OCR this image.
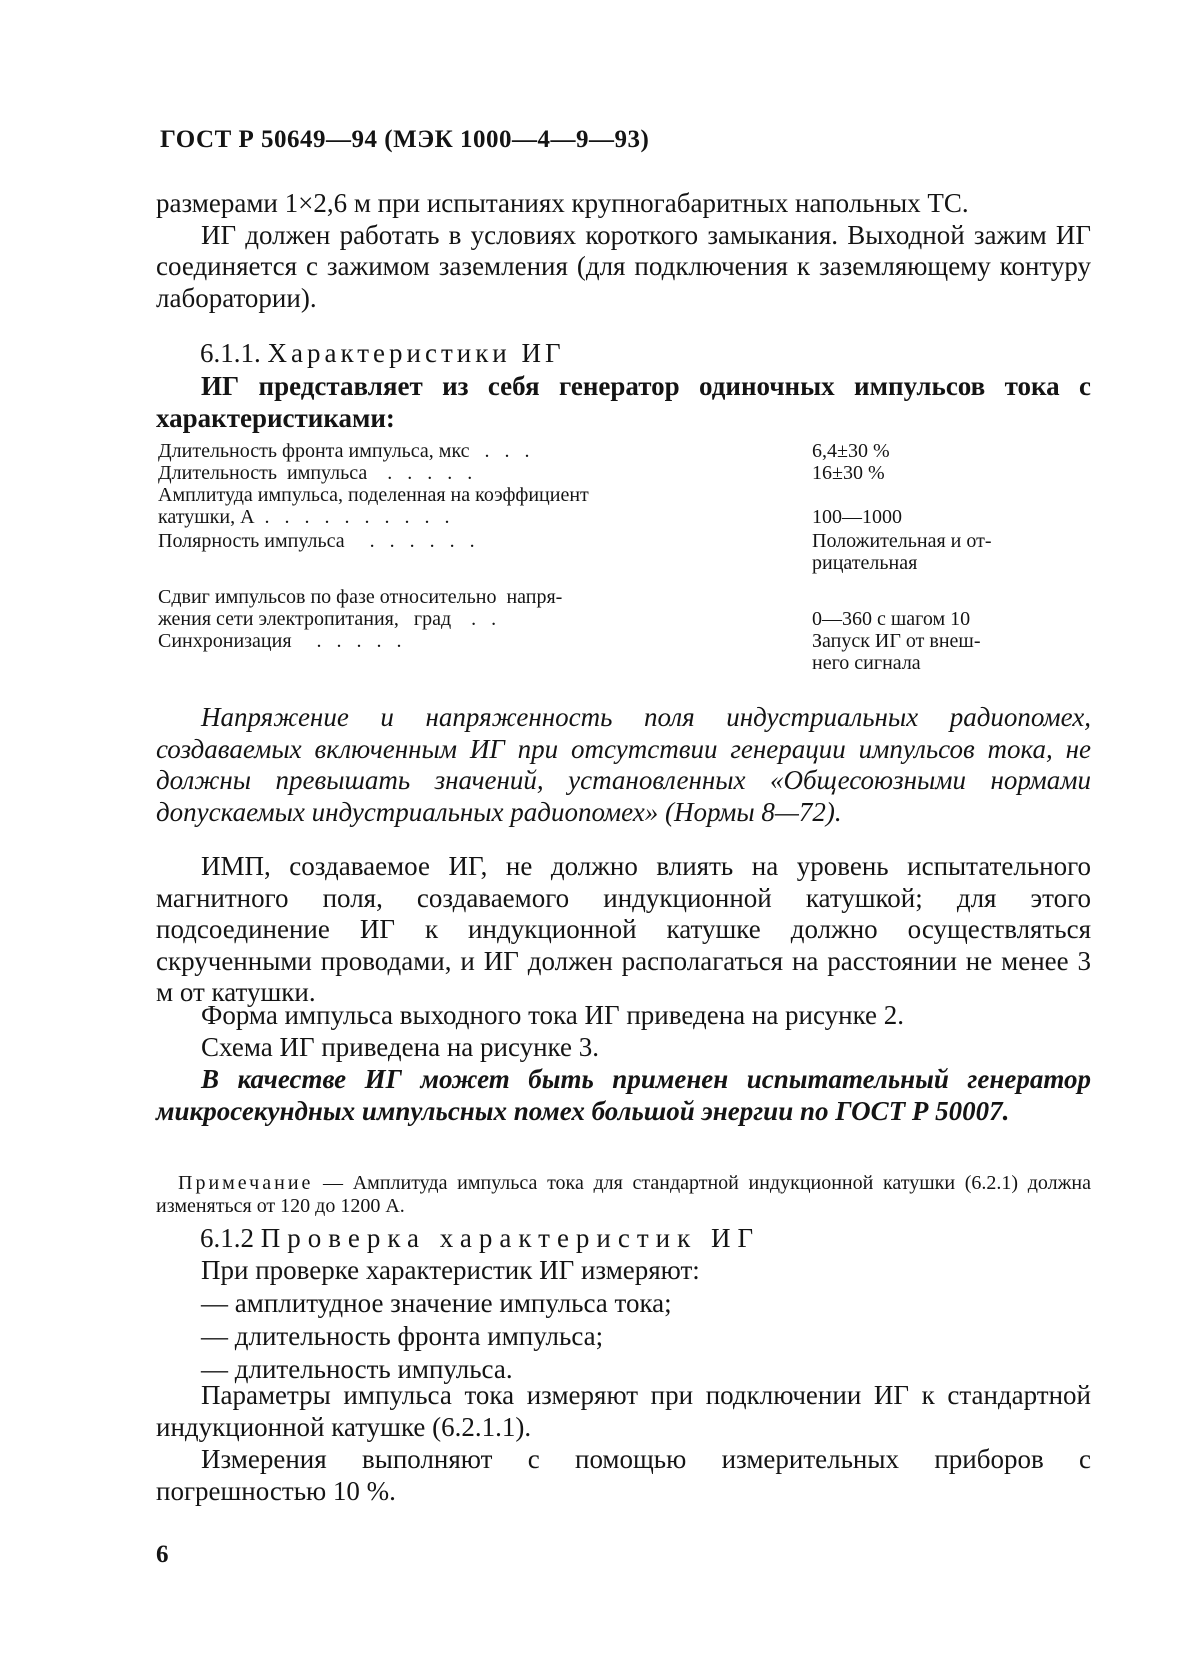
ГОСТ Р 50649—94 (МЭК 1000—4—9—93)

размерами 1×2,6 м при испытаниях крупногабаритных напольных ТС.

ИГ должен работать в условиях короткого замыкания. Выходной зажим ИГ соединяется с зажимом заземления (для подключения к заземляющему контуру лаборатории).

6.1.1. Характеристики ИГ

ИГ представляет из себя генератор одиночных импульсов тока с характеристиками:

Длительность фронта импульса, мкс   .   .   .	6,4±30 %
Длительность  импульса    .   .   .   .   .	16±30 %
Амплитуда импульса, поделенная на коэффициент
катушки, А  .   .   .   .   .   .   .   .   .   .	100—1000
Полярность импульса     .   .   .   .   .   .	Положительная и от-
рицательная
Сдвиг импульсов по фазе относительно  напря-
жения сети электропитания,   град    .   .	0—360 с шагом 10
Синхронизация     .   .   .   .   .	Запуск ИГ от внеш-
него сигнала

Напряжение и напряженность поля индустриальных радиопомех, создаваемых включенным ИГ при отсутствии генерации импульсов тока, не должны превышать значений, установленных «Общесоюзными нормами допускаемых индустриальных радиопомех» (Нормы 8—72).

ИМП, создаваемое ИГ, не должно влиять на уровень испытательного магнитного поля, создаваемого индукционной катушкой; для этого подсоединение ИГ к индукционной катушке должно осуществляться скрученными проводами, и ИГ должен располагаться на расстоянии не менее 3 м от катушки.

Форма импульса выходного тока ИГ приведена на рисунке 2.

Схема ИГ приведена на рисунке 3.

В качестве ИГ может быть применен испытательный генератор микросекундных импульсных помех большой энергии по ГОСТ Р 50007.

Примечание — Амплитуда импульса тока для стандартной индукционной катушки (6.2.1) должна изменяться от 120 до 1200 А.

6.1.2 Проверка характеристик ИГ

При проверке характеристик ИГ измеряют:

— амплитудное значение импульса тока;

— длительность фронта импульса;

— длительность импульса.

Параметры импульса тока измеряют при подключении ИГ к стандартной индукционной катушке (6.2.1.1).

Измерения выполняют с помощью измерительных приборов с погрешностью 10 %.

6
